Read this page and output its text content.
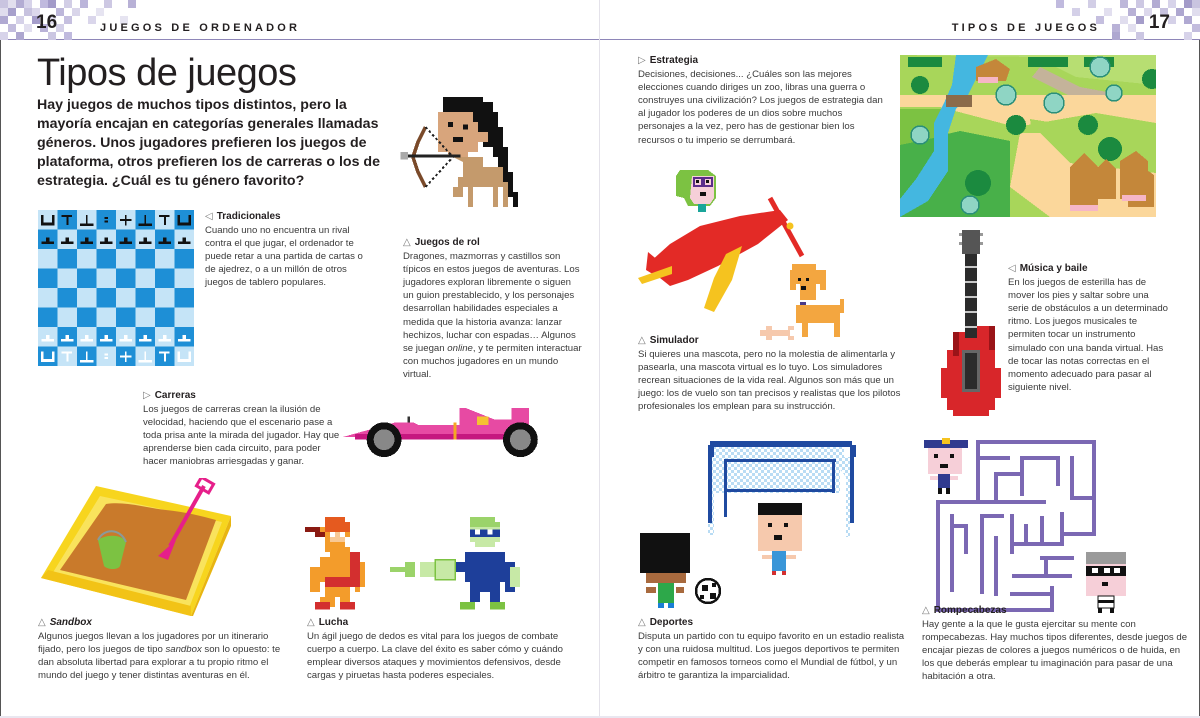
16	JUEGOS DE ORDENADOR	TIPOS DE JUEGOS	17
Tipos de juegos

Hay juegos de muchos tipos distintos, pero la mayoría encajan en categorías generales llamadas géneros. Unos jugadores prefieren los juegos de plataforma, otros prefieren los de carreras o los de estrategia. ¿Cuál es tu género favorito?

◁ Tradicionales

Cuando uno no encuentra un rival contra el que jugar, el ordenador te puede retar a una partida de cartas o de ajedrez, o a un millón de otros juegos de tablero populares.

△ Juegos de rol

Dragones, mazmorras y castillos son típicos en estos juegos de aventuras. Los jugadores exploran libremente o siguen un guion prestablecido, y los personajes desarrollan habilidades especiales a medida que la historia avanza: lanzar hechizos, luchar con espadas… Algunos se juegan online, y te permiten interactuar con muchos jugadores en un mundo virtual.

▷ Carreras

Los juegos de carreras crean la ilusión de velocidad, haciendo que el escenario pase a toda prisa ante la mirada del jugador. Hay que aprenderse bien cada circuito, para poder hacer maniobras arriesgadas y ganar.

△ Sandbox

Algunos juegos llevan a los jugadores por un itinerario fijado, pero los juegos de tipo sandbox son lo opuesto: te dan absoluta libertad para explorar a tu propio ritmo el mundo del juego y tener distintas aventuras en él.

△ Lucha

Un ágil juego de dedos es vital para los juegos de combate cuerpo a cuerpo. La clave del éxito es saber cómo y cuándo emplear diversos ataques y movimientos defensivos, desde cargas y piruetas hasta poderes especiales.

▷ Estrategia

Decisiones, decisiones... ¿Cuáles son las mejores elecciones cuando diriges un zoo, libras una guerra o construyes una civilización? Los juegos de estrategia dan al jugador los poderes de un dios sobre muchos personajes a la vez, pero has de gestionar bien los recursos o tu imperio se derrumbará.

△ Simulador

Si quieres una mascota, pero no la molestia de alimentarla y pasearla, una mascota virtual es lo tuyo. Los simuladores recrean situaciones de la vida real. Algunos son más que un juego: los de vuelo son tan precisos y realistas que los pilotos profesionales los emplean para su instrucción.

◁ Música y baile

En los juegos de esterilla has de mover los pies y saltar sobre una serie de obstáculos a un determinado ritmo. Los juegos musicales te permiten tocar un instrumento simulado con una banda virtual. Has de tocar las notas correctas en el momento adecuado para pasar al siguiente nivel.

△ Deportes

Disputa un partido con tu equipo favorito en un estadio realista y con una ruidosa multitud. Los juegos deportivos te permiten competir en famosos torneos como el Mundial de fútbol, y un árbitro te garantiza la imparcialidad.

△ Rompecabezas

Hay gente a la que le gusta ejercitar su mente con rompecabezas. Hay muchos tipos diferentes, desde juegos de encajar piezas de colores a juegos numéricos o de huida, en los que deberás emplear tu imaginación para pasar de una habitación a otra.
